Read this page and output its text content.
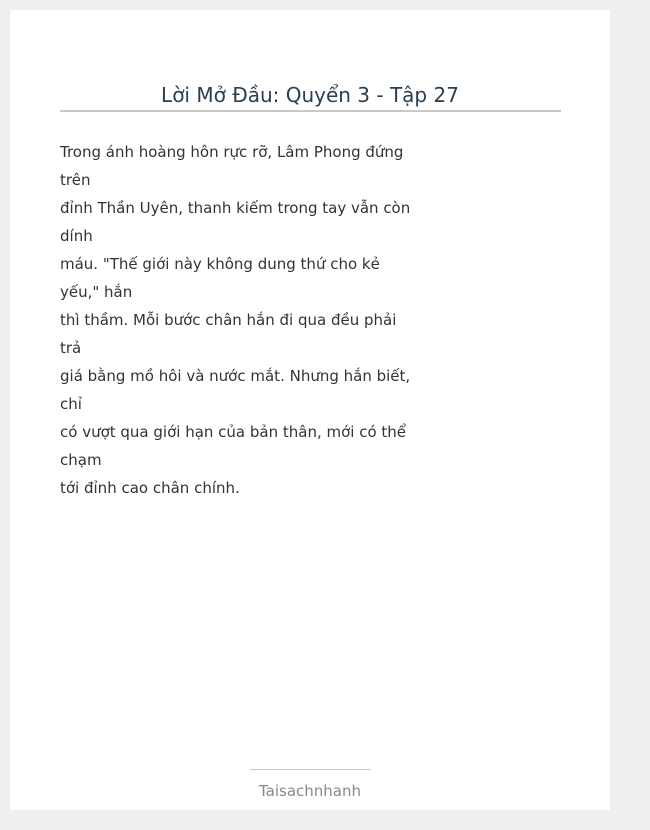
Lời Mở Đầu: Quyển 3 - Tập 27
Trong ánh hoàng hôn rực rỡ, Lâm Phong đứng
trên
đỉnh Thần Uyên, thanh kiếm trong tay vẫn còn
dính
máu. "Thế giới này không dung thứ cho kẻ
yếu," hắn
thì thầm. Mỗi bước chân hắn đi qua đều phải
trả
giá bằng mồ hôi và nước mắt. Nhưng hắn biết,
chỉ
có vượt qua giới hạn của bản thân, mới có thể
chạm
tới đỉnh cao chân chính.
Taisachnhanh
